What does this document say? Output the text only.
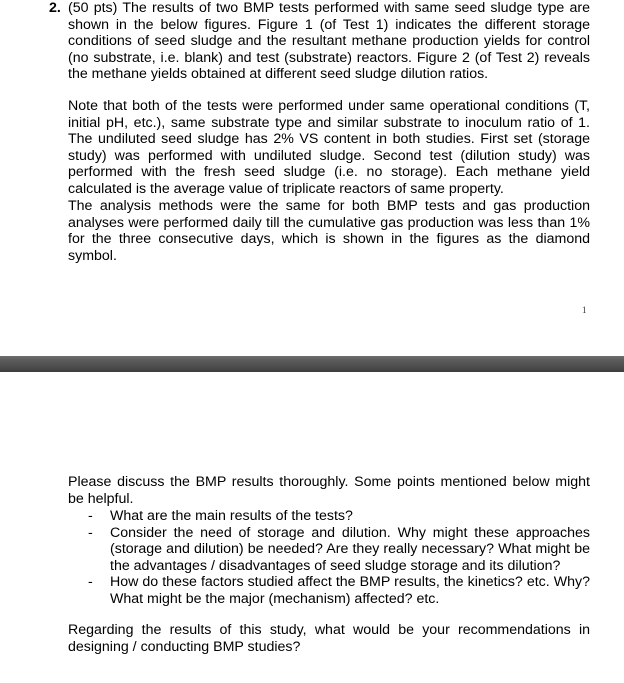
2. (50 pts) The results of two BMP tests performed with same seed sludge type are shown in the below figures. Figure 1 (of Test 1) indicates the different storage conditions of seed sludge and the resultant methane production yields for control (no substrate, i.e. blank) and test (substrate) reactors. Figure 2 (of Test 2) reveals the methane yields obtained at different seed sludge dilution ratios.

Note that both of the tests were performed under same operational conditions (T, initial pH, etc.), same substrate type and similar substrate to inoculum ratio of 1. The undiluted seed sludge has 2% VS content in both studies. First set (storage study) was performed with undiluted sludge. Second test (dilution study) was performed with the fresh seed sludge (i.e. no storage). Each methane yield calculated is the average value of triplicate reactors of same property.

The analysis methods were the same for both BMP tests and gas production analyses were performed daily till the cumulative gas production was less than 1% for the three consecutive days, which is shown in the figures as the diamond symbol.

1

Please discuss the BMP results thoroughly. Some points mentioned below might be helpful.

- What are the main results of the tests?
- Consider the need of storage and dilution. Why might these approaches (storage and dilution) be needed? Are they really necessary? What might be the advantages / disadvantages of seed sludge storage and its dilution?
- How do these factors studied affect the BMP results, the kinetics? etc. Why? What might be the major (mechanism) affected? etc.

Regarding the results of this study, what would be your recommendations in designing / conducting BMP studies?
